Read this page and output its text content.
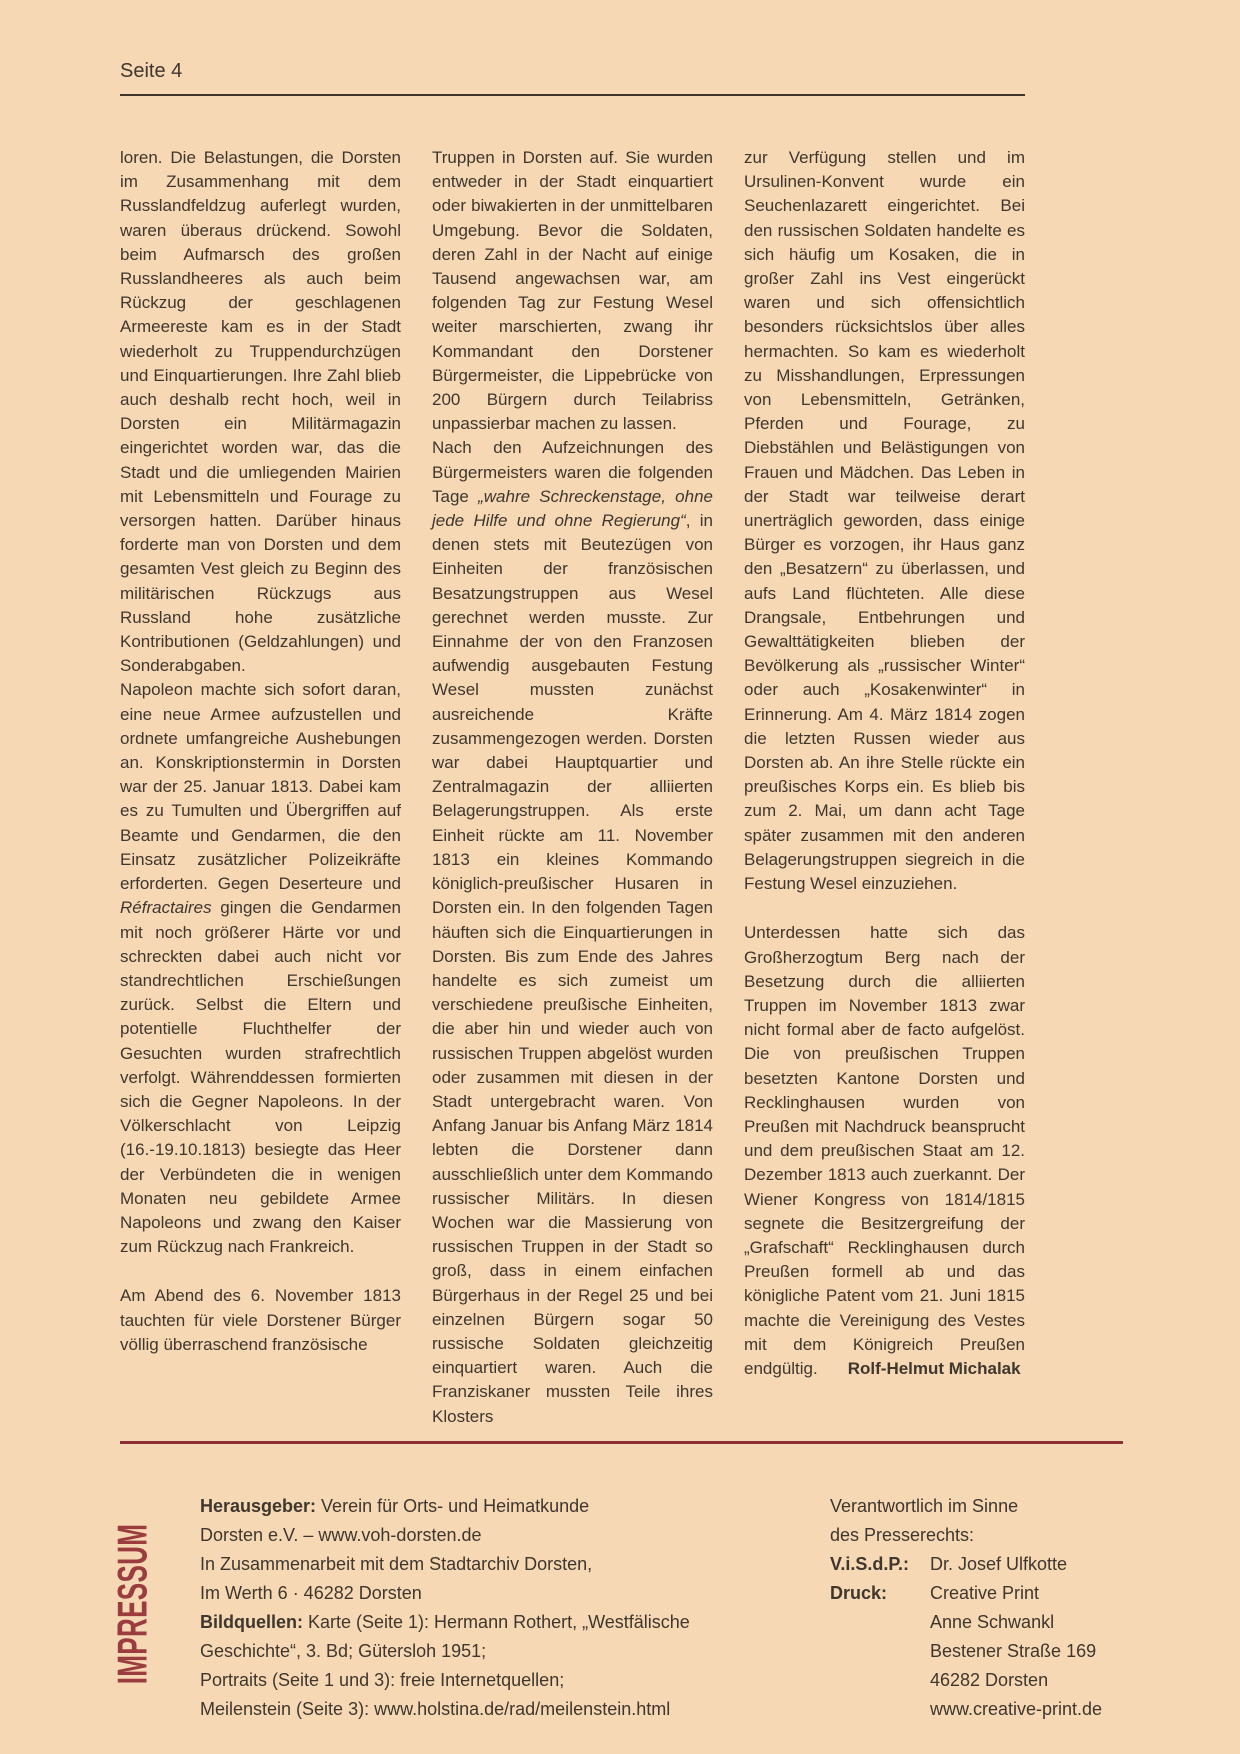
Seite 4

loren. Die Belastungen, die Dorsten im Zusammenhang mit dem Russlandfeldzug auferlegt wurden, waren überaus drückend. Sowohl beim Aufmarsch des großen Russlandheeres als auch beim Rückzug der geschlagenen Armeereste kam es in der Stadt wiederholt zu Truppendurchzügen und Einquartierungen. Ihre Zahl blieb auch deshalb recht hoch, weil in Dorsten ein Militärmagazin eingerichtet worden war, das die Stadt und die umliegenden Mairien mit Lebensmitteln und Fourage zu versorgen hatten. Darüber hinaus forderte man von Dorsten und dem gesamten Vest gleich zu Beginn des militärischen Rückzugs aus Russland hohe zusätzliche Kontributionen (Geldzahlungen) und Sonderabgaben.

Napoleon machte sich sofort daran, eine neue Armee aufzustellen und ordnete umfangreiche Aushebungen an. Konskriptionstermin in Dorsten war der 25. Januar 1813. Dabei kam es zu Tumulten und Übergriffen auf Beamte und Gendarmen, die den Einsatz zusätzlicher Polizeikräfte erforderten. Gegen Deserteure und Réfractaires gingen die Gendarmen mit noch größerer Härte vor und schreckten dabei auch nicht vor standrechtlichen Erschießungen zurück. Selbst die Eltern und potentielle Fluchthelfer der Gesuchten wurden strafrechtlich verfolgt. Währenddessen formierten sich die Gegner Napoleons. In der Völkerschlacht von Leipzig (16.-19.10.1813) besiegte das Heer der Verbündeten die in wenigen Monaten neu gebildete Armee Napoleons und zwang den Kaiser zum Rückzug nach Frankreich.

Am Abend des 6. November 1813 tauchten für viele Dorstener Bürger völlig überraschend französische

Truppen in Dorsten auf. Sie wurden entweder in der Stadt einquartiert oder biwakierten in der unmittelbaren Umgebung. Bevor die Soldaten, deren Zahl in der Nacht auf einige Tausend angewachsen war, am folgenden Tag zur Festung Wesel weiter marschierten, zwang ihr Kommandant den Dorstener Bürgermeister, die Lippebrücke von 200 Bürgern durch Teilabriss unpassierbar machen zu lassen.

Nach den Aufzeichnungen des Bürgermeisters waren die folgenden Tage „wahre Schreckenstage, ohne jede Hilfe und ohne Regierung“, in denen stets mit Beutezügen von Einheiten der französischen Besatzungstruppen aus Wesel gerechnet werden musste. Zur Einnahme der von den Franzosen aufwendig ausgebauten Festung Wesel mussten zunächst ausreichende Kräfte zusammengezogen werden. Dorsten war dabei Hauptquartier und Zentralmagazin der alliierten Belagerungstruppen. Als erste Einheit rückte am 11. November 1813 ein kleines Kommando königlich-preußischer Husaren in Dorsten ein. In den folgenden Tagen häuften sich die Einquartierungen in Dorsten. Bis zum Ende des Jahres handelte es sich zumeist um verschiedene preußische Einheiten, die aber hin und wieder auch von russischen Truppen abgelöst wurden oder zusammen mit diesen in der Stadt untergebracht waren. Von Anfang Januar bis Anfang März 1814 lebten die Dorstener dann ausschließlich unter dem Kommando russischer Militärs. In diesen Wochen war die Massierung von russischen Truppen in der Stadt so groß, dass in einem einfachen Bürgerhaus in der Regel 25 und bei einzelnen Bürgern sogar 50 russische Soldaten gleichzeitig einquartiert waren. Auch die Franziskaner mussten Teile ihres Klosters

zur Verfügung stellen und im Ursulinen-Konvent wurde ein Seuchenlazarett eingerichtet. Bei den russischen Soldaten handelte es sich häufig um Kosaken, die in großer Zahl ins Vest eingerückt waren und sich offensichtlich besonders rücksichtslos über alles hermachten. So kam es wiederholt zu Misshandlungen, Erpressungen von Lebensmitteln, Getränken, Pferden und Fourage, zu Diebstählen und Belästigungen von Frauen und Mädchen. Das Leben in der Stadt war teilweise derart unerträglich geworden, dass einige Bürger es vorzogen, ihr Haus ganz den „Besatzern“ zu überlassen, und aufs Land flüchteten. Alle diese Drangsale, Entbehrungen und Gewalttätigkeiten blieben der Bevölkerung als „russischer Winter“ oder auch „Kosakenwinter“ in Erinnerung. Am 4. März 1814 zogen die letzten Russen wieder aus Dorsten ab. An ihre Stelle rückte ein preußisches Korps ein. Es blieb bis zum 2. Mai, um dann acht Tage später zusammen mit den anderen Belagerungstruppen siegreich in die Festung Wesel einzuziehen.

Unterdessen hatte sich das Großherzogtum Berg nach der Besetzung durch die alliierten Truppen im November 1813 zwar nicht formal aber de facto aufgelöst. Die von preußischen Truppen besetzten Kantone Dorsten und Recklinghausen wurden von Preußen mit Nachdruck beansprucht und dem preußischen Staat am 12. Dezember 1813 auch zuerkannt. Der Wiener Kongress von 1814/1815 segnete die Besitzergreifung der „Grafschaft“ Recklinghausen durch Preußen formell ab und das königliche Patent vom 21. Juni 1815 machte die Vereinigung des Vestes mit dem Königreich Preußen endgültig. Rolf-Helmut Michalak

IMPRESSUM
Herausgeber: Verein für Orts- und Heimatkunde
Dorsten e.V. – www.voh-dorsten.de
In Zusammenarbeit mit dem Stadtarchiv Dorsten,
Im Werth 6 · 46282 Dorsten
Bildquellen: Karte (Seite 1): Hermann Rothert, „Westfälische
Geschichte“, 3. Bd; Gütersloh 1951;
Portraits (Seite 1 und 3): freie Internetquellen;
Meilenstein (Seite 3): www.holstina.de/rad/meilenstein.html
Verantwortlich im Sinne
des Presserechts:
V.i.S.d.P.:	Dr. Josef Ulfkotte
Druck:	Creative Print
Anne Schwankl
Bestener Straße 169
46282 Dorsten
www.creative-print.de
